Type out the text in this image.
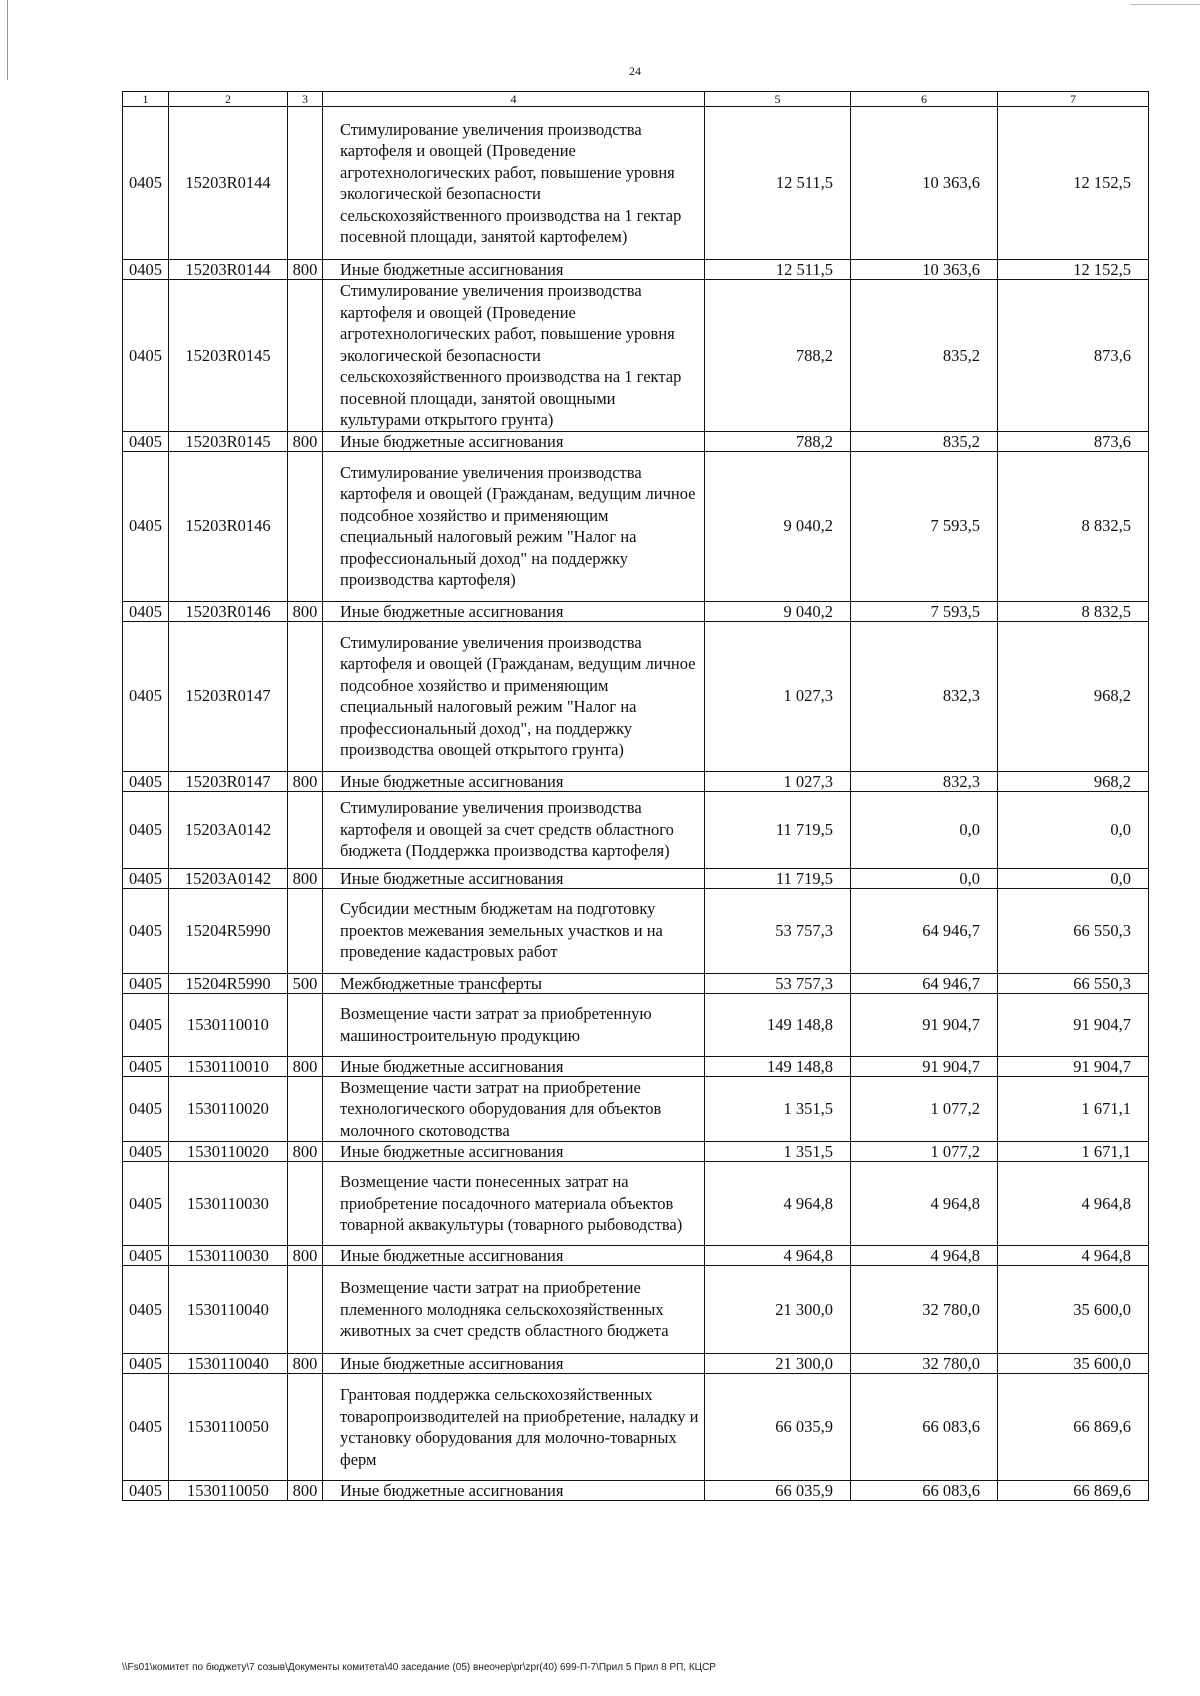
24
1	2	3	4	5	6	7
0405	15203R0144		Стимулирование увеличения производства картофеля и овощей (Проведение агротехнологических работ, повышение уровня экологической безопасности сельскохозяйственного производства на 1 гектар посевной площади, занятой картофелем)	12 511,5	10 363,6	12 152,5
0405	15203R0144	800	Иные бюджетные ассигнования	12 511,5	10 363,6	12 152,5
0405	15203R0145		Стимулирование увеличения производства картофеля и овощей (Проведение агротехнологических работ, повышение уровня экологической безопасности сельскохозяйственного производства на 1 гектар посевной площади, занятой овощными культурами открытого грунта)	788,2	835,2	873,6
0405	15203R0145	800	Иные бюджетные ассигнования	788,2	835,2	873,6
0405	15203R0146		Стимулирование увеличения производства картофеля и овощей (Гражданам, ведущим личное подсобное хозяйство и применяющим специальный налоговый режим "Налог на профессиональный доход" на поддержку производства картофеля)	9 040,2	7 593,5	8 832,5
0405	15203R0146	800	Иные бюджетные ассигнования	9 040,2	7 593,5	8 832,5
0405	15203R0147		Стимулирование увеличения производства картофеля и овощей (Гражданам, ведущим личное подсобное хозяйство и применяющим специальный налоговый режим "Налог на профессиональный доход", на поддержку производства овощей открытого грунта)	1 027,3	832,3	968,2
0405	15203R0147	800	Иные бюджетные ассигнования	1 027,3	832,3	968,2
0405	15203A0142		Стимулирование увеличения производства картофеля и овощей за счет средств областного бюджета (Поддержка производства картофеля)	11 719,5	0,0	0,0
0405	15203A0142	800	Иные бюджетные ассигнования	11 719,5	0,0	0,0
0405	15204R5990		Субсидии местным бюджетам на подготовку проектов межевания земельных участков и на проведение кадастровых работ	53 757,3	64 946,7	66 550,3
0405	15204R5990	500	Межбюджетные трансферты	53 757,3	64 946,7	66 550,3
0405	1530110010		Возмещение части затрат за приобретенную машиностроительную продукцию	149 148,8	91 904,7	91 904,7
0405	1530110010	800	Иные бюджетные ассигнования	149 148,8	91 904,7	91 904,7
0405	1530110020		Возмещение части затрат на приобретение технологического оборудования для объектов молочного скотоводства	1 351,5	1 077,2	1 671,1
0405	1530110020	800	Иные бюджетные ассигнования	1 351,5	1 077,2	1 671,1
0405	1530110030		Возмещение части понесенных затрат на приобретение посадочного материала объектов товарной аквакультуры (товарного рыбоводства)	4 964,8	4 964,8	4 964,8
0405	1530110030	800	Иные бюджетные ассигнования	4 964,8	4 964,8	4 964,8
0405	1530110040		Возмещение части затрат на приобретение племенного молодняка сельскохозяйственных животных за счет средств областного бюджета	21 300,0	32 780,0	35 600,0
0405	1530110040	800	Иные бюджетные ассигнования	21 300,0	32 780,0	35 600,0
0405	1530110050		Грантовая поддержка сельскохозяйственных товаропроизводителей на приобретение, наладку и установку оборудования для молочно-товарных ферм	66 035,9	66 083,6	66 869,6
0405	1530110050	800	Иные бюджетные ассигнования	66 035,9	66 083,6	66 869,6
\\Fs01\комитет по бюджету\7 созыв\Документы комитета\40 заседание (05) внеочер\pr\zpr(40) 699-П-7\Прил 5 Прил 8 РП, КЦСР
